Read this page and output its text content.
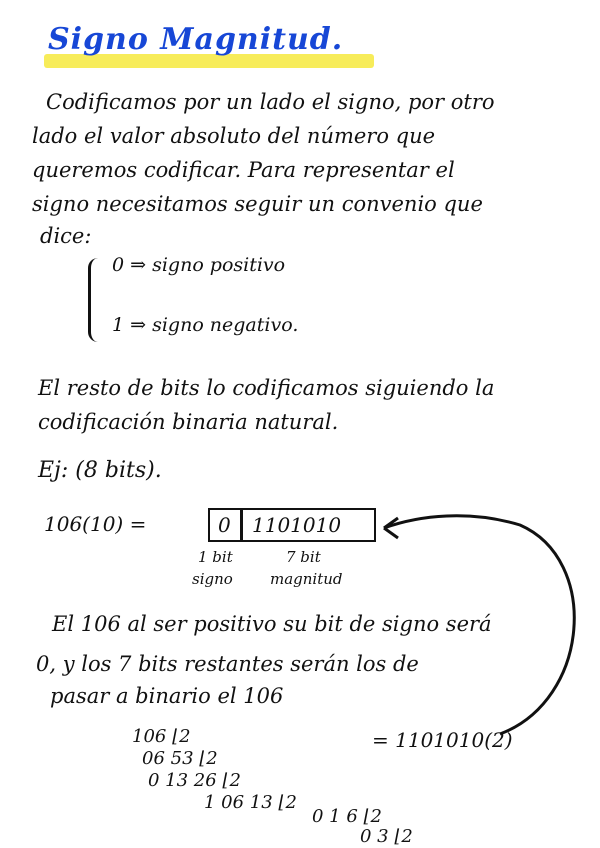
Signo Magnitud.
Codificamos por un lado el signo, por otro
lado el valor absoluto del número que
queremos codificar. Para representar el
signo necesitamos seguir un convenio que
dice:
0 ⇒ signo positivo
1 ⇒ signo negativo.
El resto de bits lo codificamos siguiendo la
codificación binaria natural.
Ej: (8 bits).
106(10) =	0 1101010
1 bit
signo
7 bit
magnitud
El 106 al ser positivo su bit de signo será
0, y los 7 bits restantes serán los de
pasar a binario el 106
106 ⌊2
06 53 ⌊2
0 13 26 ⌊2
1 06 13 ⌊2
0 1 6 ⌊2
0 3 ⌊2
= 1101010(2)
